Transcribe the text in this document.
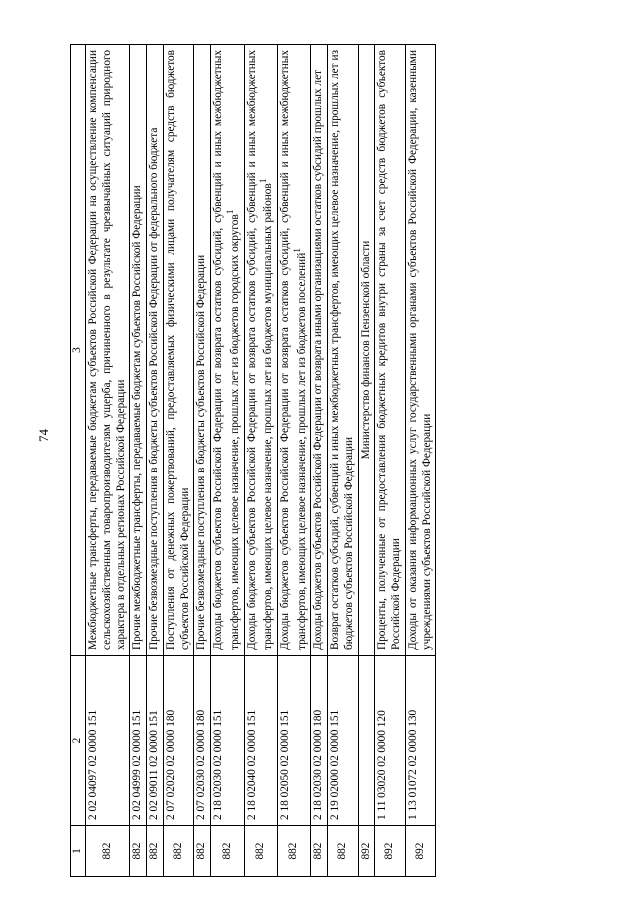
74
1	2	3
882	2 02 04097 02 0000 151	Межбюджетные трансферты, передаваемые бюджетам субъектов Российской Федерации на осуществление компенсации сельскохозяйственным товаропроизводителям ущерба, причиненного в результате чрезвычайных ситуаций природного характера в отдельных регионах Российской Федерации
882	2 02 04999 02 0000 151	Прочие межбюджетные трансферты, передаваемые бюджетам субъектов Российской Федерации
882	2 02 09011 02 0000 151	Прочие безвозмездные поступления в бюджеты субъектов Российской Федерации от федерального бюджета
882	2 07 02020 02 0000 180	Поступления от денежных пожертвований, предоставляемых физическими лицами получателям средств бюджетов субъектов Российской Федерации
882	2 07 02030 02 0000 180	Прочие безвозмездные поступления в бюджеты субъектов Российской Федерации
882	2 18 02030 02 0000 151	Доходы бюджетов субъектов Российской Федерации от возврата остатков субсидий, субвенций и иных межбюджетных трансфертов, имеющих целевое назначение, прошлых лет из бюджетов городских округов$^1$
882	2 18 02040 02 0000 151	Доходы бюджетов субъектов Российской Федерации от возврата остатков субсидий, субвенций и иных межбюджетных трансфертов, имеющих целевое назначение, прошлых лет из бюджетов муниципальных районов$^1$
882	2 18 02050 02 0000 151	Доходы бюджетов субъектов Российской Федерации от возврата остатков субсидий, субвенций и иных межбюджетных трансфертов, имеющих целевое назначение, прошлых лет из бюджетов поселений$^1$
882	2 18 02030 02 0000 180	Доходы бюджетов субъектов Российской Федерации от возврата иными организациями остатков субсидий прошлых лет
882	2 19 02000 02 0000 151	Возврат остатков субсидий, субвенций и иных межбюджетных трансфертов, имеющих целевое назначение, прошлых лет из бюджетов субъектов Российской Федерации
892		Министерство финансов Пензенской области
892	1 11 03020 02 0000 120	Проценты, полученные от предоставления бюджетных кредитов внутри страны за счет средств бюджетов субъектов Российской Федерации
892	1 13 01072 02 0000 130	Доходы от оказания информационных услуг государственными органами субъектов Российской Федерации, казенными учреждениями субъектов Российской Федерации
